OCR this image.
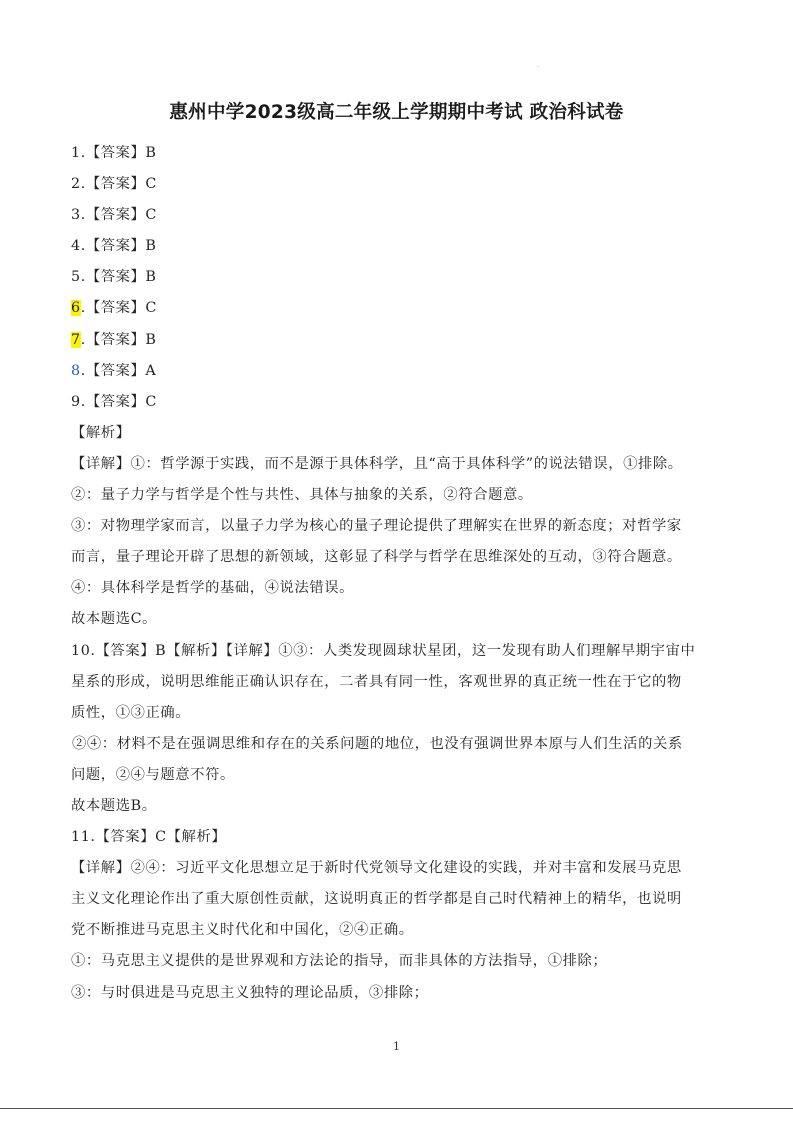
.
惠州中学2023级高二年级上学期期中考试 政治科试卷
1.【答案】B
2.【答案】C
3.【答案】C
4.【答案】B
5.【答案】B
6.【答案】C
7.【答案】B
8.【答案】A
9.【答案】C
【解析】
【详解】①：哲学源于实践，而不是源于具体科学，且“高于具体科学”的说法错误，①排除。
②：量子力学与哲学是个性与共性、具体与抽象的关系，②符合题意。
③：对物理学家而言，以量子力学为核心的量子理论提供了理解实在世界的新态度；对哲学家
而言，量子理论开辟了思想的新领域，这彰显了科学与哲学在思维深处的互动，③符合题意。
④：具体科学是哲学的基础，④说法错误。
故本题选C。
10.【答案】B【解析】【详解】①③：人类发现圆球状星团，这一发现有助人们理解早期宇宙中
星系的形成，说明思维能正确认识存在，二者具有同一性，客观世界的真正统一性在于它的物
质性，①③正确。
②④：材料不是在强调思维和存在的关系问题的地位，也没有强调世界本原与人们生活的关系
问题，②④与题意不符。
故本题选B。
11.【答案】C【解析】
【详解】②④：习近平文化思想立足于新时代党领导文化建设的实践，并对丰富和发展马克思
主义文化理论作出了重大原创性贡献，这说明真正的哲学都是自己时代精神上的精华，也说明
党不断推进马克思主义时代化和中国化，②④正确。
①：马克思主义提供的是世界观和方法论的指导，而非具体的方法指导，①排除；
③：与时俱进是马克思主义独特的理论品质，③排除；
1
